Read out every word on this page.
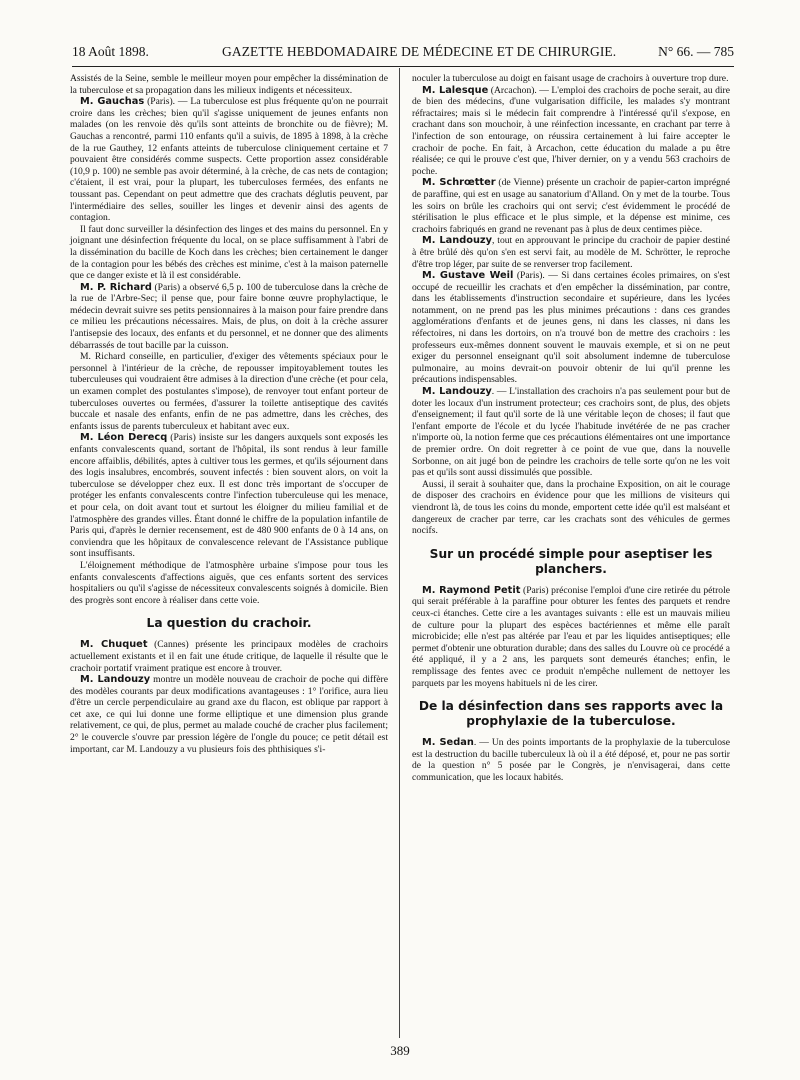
18 Août 1898.	GAZETTE HEBDOMADAIRE DE MÉDECINE ET DE CHIRURGIE.	N° 66. — 785

Assistés de la Seine, semble le meilleur moyen pour empêcher la dissémination de la tuberculose et sa propagation dans les milieux indigents et nécessiteux.

M. Gauchas (Paris). — La tuberculose est plus fréquente qu'on ne pourrait croire dans les crèches; bien qu'il s'agisse uniquement de jeunes enfants non malades (on les renvoie dès qu'ils sont atteints de bronchite ou de fièvre); M. Gauchas a rencontré, parmi 110 enfants qu'il a suivis, de 1895 à 1898, à la crèche de la rue Gauthey, 12 enfants atteints de tuberculose cliniquement certaine et 7 pouvaient être considérés comme suspects. Cette proportion assez considérable (10,9 p. 100) ne semble pas avoir déterminé, à la crèche, de cas nets de contagion; c'étaient, il est vrai, pour la plupart, les tuberculoses fermées, des enfants ne toussant pas. Cependant on peut admettre que des crachats déglutis peuvent, par l'intermédiaire des selles, souiller les linges et devenir ainsi des agents de contagion.

Il faut donc surveiller la désinfection des linges et des mains du personnel. En y joignant une désinfection fréquente du local, on se place suffisamment à l'abri de la dissémination du bacille de Koch dans les crèches; bien certainement le danger de la contagion pour les bébés des crèches est minime, c'est à la maison paternelle que ce danger existe et là il est considérable.

M. P. Richard (Paris) a observé 6,5 p. 100 de tuberculose dans la crèche de la rue de l'Arbre-Sec; il pense que, pour faire bonne œuvre prophylactique, le médecin devrait suivre ses petits pensionnaires à la maison pour faire prendre dans ce milieu les précautions nécessaires. Mais, de plus, on doit à la crèche assurer l'antisepsie des locaux, des enfants et du personnel, et ne donner que des aliments débarrassés de tout bacille par la cuisson.

M. Richard conseille, en particulier, d'exiger des vêtements spéciaux pour le personnel à l'intérieur de la crèche, de repousser impitoyablement toutes les tuberculeuses qui voudraient être admises à la direction d'une crèche (et pour cela, un examen complet des postulantes s'impose), de renvoyer tout enfant porteur de tuberculoses ouvertes ou fermées, d'assurer la toilette antiseptique des cavités buccale et nasale des enfants, enfin de ne pas admettre, dans les crèches, des enfants issus de parents tuberculeux et habitant avec eux.

M. Léon Derecq (Paris) insiste sur les dangers auxquels sont exposés les enfants convalescents quand, sortant de l'hôpital, ils sont rendus à leur famille encore affaiblis, débilités, aptes à cultiver tous les germes, et qu'ils séjournent dans des logis insalubres, encombrés, souvent infectés : bien souvent alors, on voit la tuberculose se développer chez eux. Il est donc très important de s'occuper de protéger les enfants convalescents contre l'infection tuberculeuse qui les menace, et pour cela, on doit avant tout et surtout les éloigner du milieu familial et de l'atmosphère des grandes villes. Étant donné le chiffre de la population infantile de Paris qui, d'après le dernier recensement, est de 480 900 enfants de 0 à 14 ans, on conviendra que les hôpitaux de convalescence relevant de l'Assistance publique sont insuffisants.

L'éloignement méthodique de l'atmosphère urbaine s'impose pour tous les enfants convalescents d'affections aiguës, que ces enfants sortent des services hospitaliers ou qu'il s'agisse de nécessiteux convalescents soignés à domicile. Bien des progrès sont encore à réaliser dans cette voie.

La question du crachoir.

M. Chuquet (Cannes) présente les principaux modèles de crachoirs actuellement existants et il en fait une étude critique, de laquelle il résulte que le crachoir portatif vraiment pratique est encore à trouver.

M. Landouzy montre un modèle nouveau de crachoir de poche qui diffère des modèles courants par deux modifications avantageuses : 1° l'orifice, aura lieu d'être un cercle perpendiculaire au grand axe du flacon, est oblique par rapport à cet axe, ce qui lui donne une forme elliptique et une dimension plus grande relativement, ce qui, de plus, permet au malade couché de cracher plus facilement; 2° le couvercle s'ouvre par pression légère de l'ongle du pouce; ce petit détail est important, car M. Landouzy a vu plusieurs fois des phthisiques s'i-

noculer la tuberculose au doigt en faisant usage de crachoirs à ouverture trop dure.

M. Lalesque (Arcachon). — L'emploi des crachoirs de poche serait, au dire de bien des médecins, d'une vulgarisation difficile, les malades s'y montrant réfractaires; mais si le médecin fait comprendre à l'intéressé qu'il s'expose, en crachant dans son mouchoir, à une réinfection incessante, en crachant par terre à l'infection de son entourage, on réussira certainement à lui faire accepter le crachoir de poche. En fait, à Arcachon, cette éducation du malade a pu être réalisée; ce qui le prouve c'est que, l'hiver dernier, on y a vendu 563 crachoirs de poche.

M. Schrœtter (de Vienne) présente un crachoir de papier-carton imprégné de paraffine, qui est en usage au sanatorium d'Alland. On y met de la tourbe. Tous les soirs on brûle les crachoirs qui ont servi; c'est évidemment le procédé de stérilisation le plus efficace et le plus simple, et la dépense est minime, ces crachoirs fabriqués en grand ne revenant pas à plus de deux centimes pièce.

M. Landouzy, tout en approuvant le principe du crachoir de papier destiné à être brûlé dès qu'on s'en est servi fait, au modèle de M. Schrötter, le reproche d'être trop léger, par suite de se renverser trop facilement.

M. Gustave Weil (Paris). — Si dans certaines écoles primaires, on s'est occupé de recueillir les crachats et d'en empêcher la dissémination, par contre, dans les établissements d'instruction secondaire et supérieure, dans les lycées notamment, on ne prend pas les plus minimes précautions : dans ces grandes agglomérations d'enfants et de jeunes gens, ni dans les classes, ni dans les réfectoires, ni dans les dortoirs, on n'a trouvé bon de mettre des crachoirs : les professeurs eux-mêmes donnent souvent le mauvais exemple, et si on ne peut exiger du personnel enseignant qu'il soit absolument indemne de tuberculose pulmonaire, au moins devrait-on pouvoir obtenir de lui qu'il prenne les précautions indispensables.

M. Landouzy. — L'installation des crachoirs n'a pas seulement pour but de doter les locaux d'un instrument protecteur; ces crachoirs sont, de plus, des objets d'enseignement; il faut qu'il sorte de là une véritable leçon de choses; il faut que l'enfant emporte de l'école et du lycée l'habitude invétérée de ne pas cracher n'importe où, la notion ferme que ces précautions élémentaires ont une importance de premier ordre. On doit regretter à ce point de vue que, dans la nouvelle Sorbonne, on ait jugé bon de peindre les crachoirs de telle sorte qu'on ne les voit pas et qu'ils sont aussi dissimulés que possible.

Aussi, il serait à souhaiter que, dans la prochaine Exposition, on ait le courage de disposer des crachoirs en évidence pour que les millions de visiteurs qui viendront là, de tous les coins du monde, emportent cette idée qu'il est malséant et dangereux de cracher par terre, car les crachats sont des véhicules de germes nocifs.

Sur un procédé simple pour aseptiser les planchers.

M. Raymond Petit (Paris) préconise l'emploi d'une cire retirée du pétrole qui serait préférable à la paraffine pour obturer les fentes des parquets et rendre ceux-ci étanches. Cette cire a les avantages suivants : elle est un mauvais milieu de culture pour la plupart des espèces bactériennes et même elle paraît microbicide; elle n'est pas altérée par l'eau et par les liquides antiseptiques; elle permet d'obtenir une obturation durable; dans des salles du Louvre où ce procédé a été appliqué, il y a 2 ans, les parquets sont demeurés étanches; enfin, le remplissage des fentes avec ce produit n'empêche nullement de nettoyer les parquets par les moyens habituels ni de les cirer.

De la désinfection dans ses rapports avec la prophylaxie de la tuberculose.

M. Sedan. — Un des points importants de la prophylaxie de la tuberculose est la destruction du bacille tuberculeux là où il a été déposé, et, pour ne pas sortir de la question n° 5 posée par le Congrès, je n'envisagerai, dans cette communication, que les locaux habités.

389
